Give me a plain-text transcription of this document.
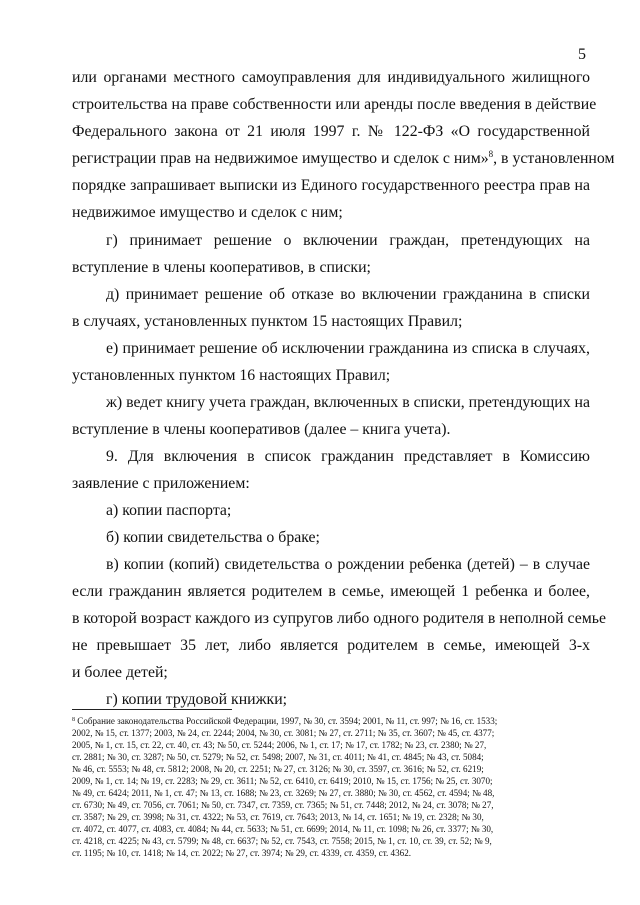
5
или органами местного самоуправления для индивидуального жилищного
строительства на праве собственности или аренды после введения в действие
Федерального закона от 21 июля 1997 г. № 122-ФЗ «О государственной
регистрации прав на недвижимое имущество и сделок с ним»$^8$, в установленном
порядке запрашивает выписки из Единого государственного реестра прав на
недвижимое имущество и сделок с ним;
г) принимает решение о включении граждан, претендующих на
вступление в члены кооперативов, в списки;
д) принимает решение об отказе во включении гражданина в списки
в случаях, установленных пунктом 15 настоящих Правил;
е) принимает решение об исключении гражданина из списка в случаях,
установленных пунктом 16 настоящих Правил;
ж) ведет книгу учета граждан, включенных в списки, претендующих на
вступление в члены кооперативов (далее – книга учета).
9. Для включения в список гражданин представляет в Комиссию
заявление с приложением:
а) копии паспорта;
б) копии свидетельства о браке;
в) копии (копий) свидетельства о рождении ребенка (детей) – в случае
если гражданин является родителем в семье, имеющей 1 ребенка и более,
в которой возраст каждого из супругов либо одного родителя в неполной семье
не превышает 35 лет, либо является родителем в семье, имеющей 3-х
и более детей;
г) копии трудовой книжки;
$^8$ Собрание законодательства Российской Федерации, 1997, № 30, ст. 3594; 2001, № 11, ст. 997; № 16, ст. 1533;
2002, № 15, ст. 1377; 2003, № 24, ст. 2244; 2004, № 30, ст. 3081; № 27, ст. 2711; № 35, ст. 3607; № 45, ст. 4377;
2005, № 1, ст. 15, ст. 22, ст. 40, ст. 43; № 50, ст. 5244; 2006, № 1, ст. 17; № 17, ст. 1782; № 23, ст. 2380; № 27,
ст. 2881; № 30, ст. 3287; № 50, ст. 5279; № 52, ст. 5498; 2007, № 31, ст. 4011; № 41, ст. 4845; № 43, ст. 5084;
№ 46, ст. 5553; № 48, ст. 5812; 2008, № 20, ст. 2251; № 27, ст. 3126; № 30, ст. 3597, ст. 3616; № 52, ст. 6219;
2009, № 1, ст. 14; № 19, ст. 2283; № 29, ст. 3611; № 52, ст. 6410, ст. 6419; 2010, № 15, ст. 1756; № 25, ст. 3070;
№ 49, ст. 6424; 2011, № 1, ст. 47; № 13, ст. 1688; № 23, ст. 3269; № 27, ст. 3880; № 30, ст. 4562, ст. 4594; № 48,
ст. 6730; № 49, ст. 7056, ст. 7061; № 50, ст. 7347, ст. 7359, ст. 7365; № 51, ст. 7448; 2012, № 24, ст. 3078; № 27,
ст. 3587; № 29, ст. 3998; № 31, ст. 4322; № 53, ст. 7619, ст. 7643; 2013, № 14, ст. 1651; № 19, ст. 2328; № 30,
ст. 4072, ст. 4077, ст. 4083, ст. 4084; № 44, ст. 5633; № 51, ст. 6699; 2014, № 11, ст. 1098; № 26, ст. 3377; № 30,
ст. 4218, ст. 4225; № 43, ст. 5799; № 48, ст. 6637; № 52, ст. 7543, ст. 7558; 2015, № 1, ст. 10, ст. 39, ст. 52; № 9,
ст. 1195; № 10, ст. 1418; № 14, ст. 2022; № 27, ст. 3974; № 29, ст. 4339, ст. 4359, ст. 4362.
